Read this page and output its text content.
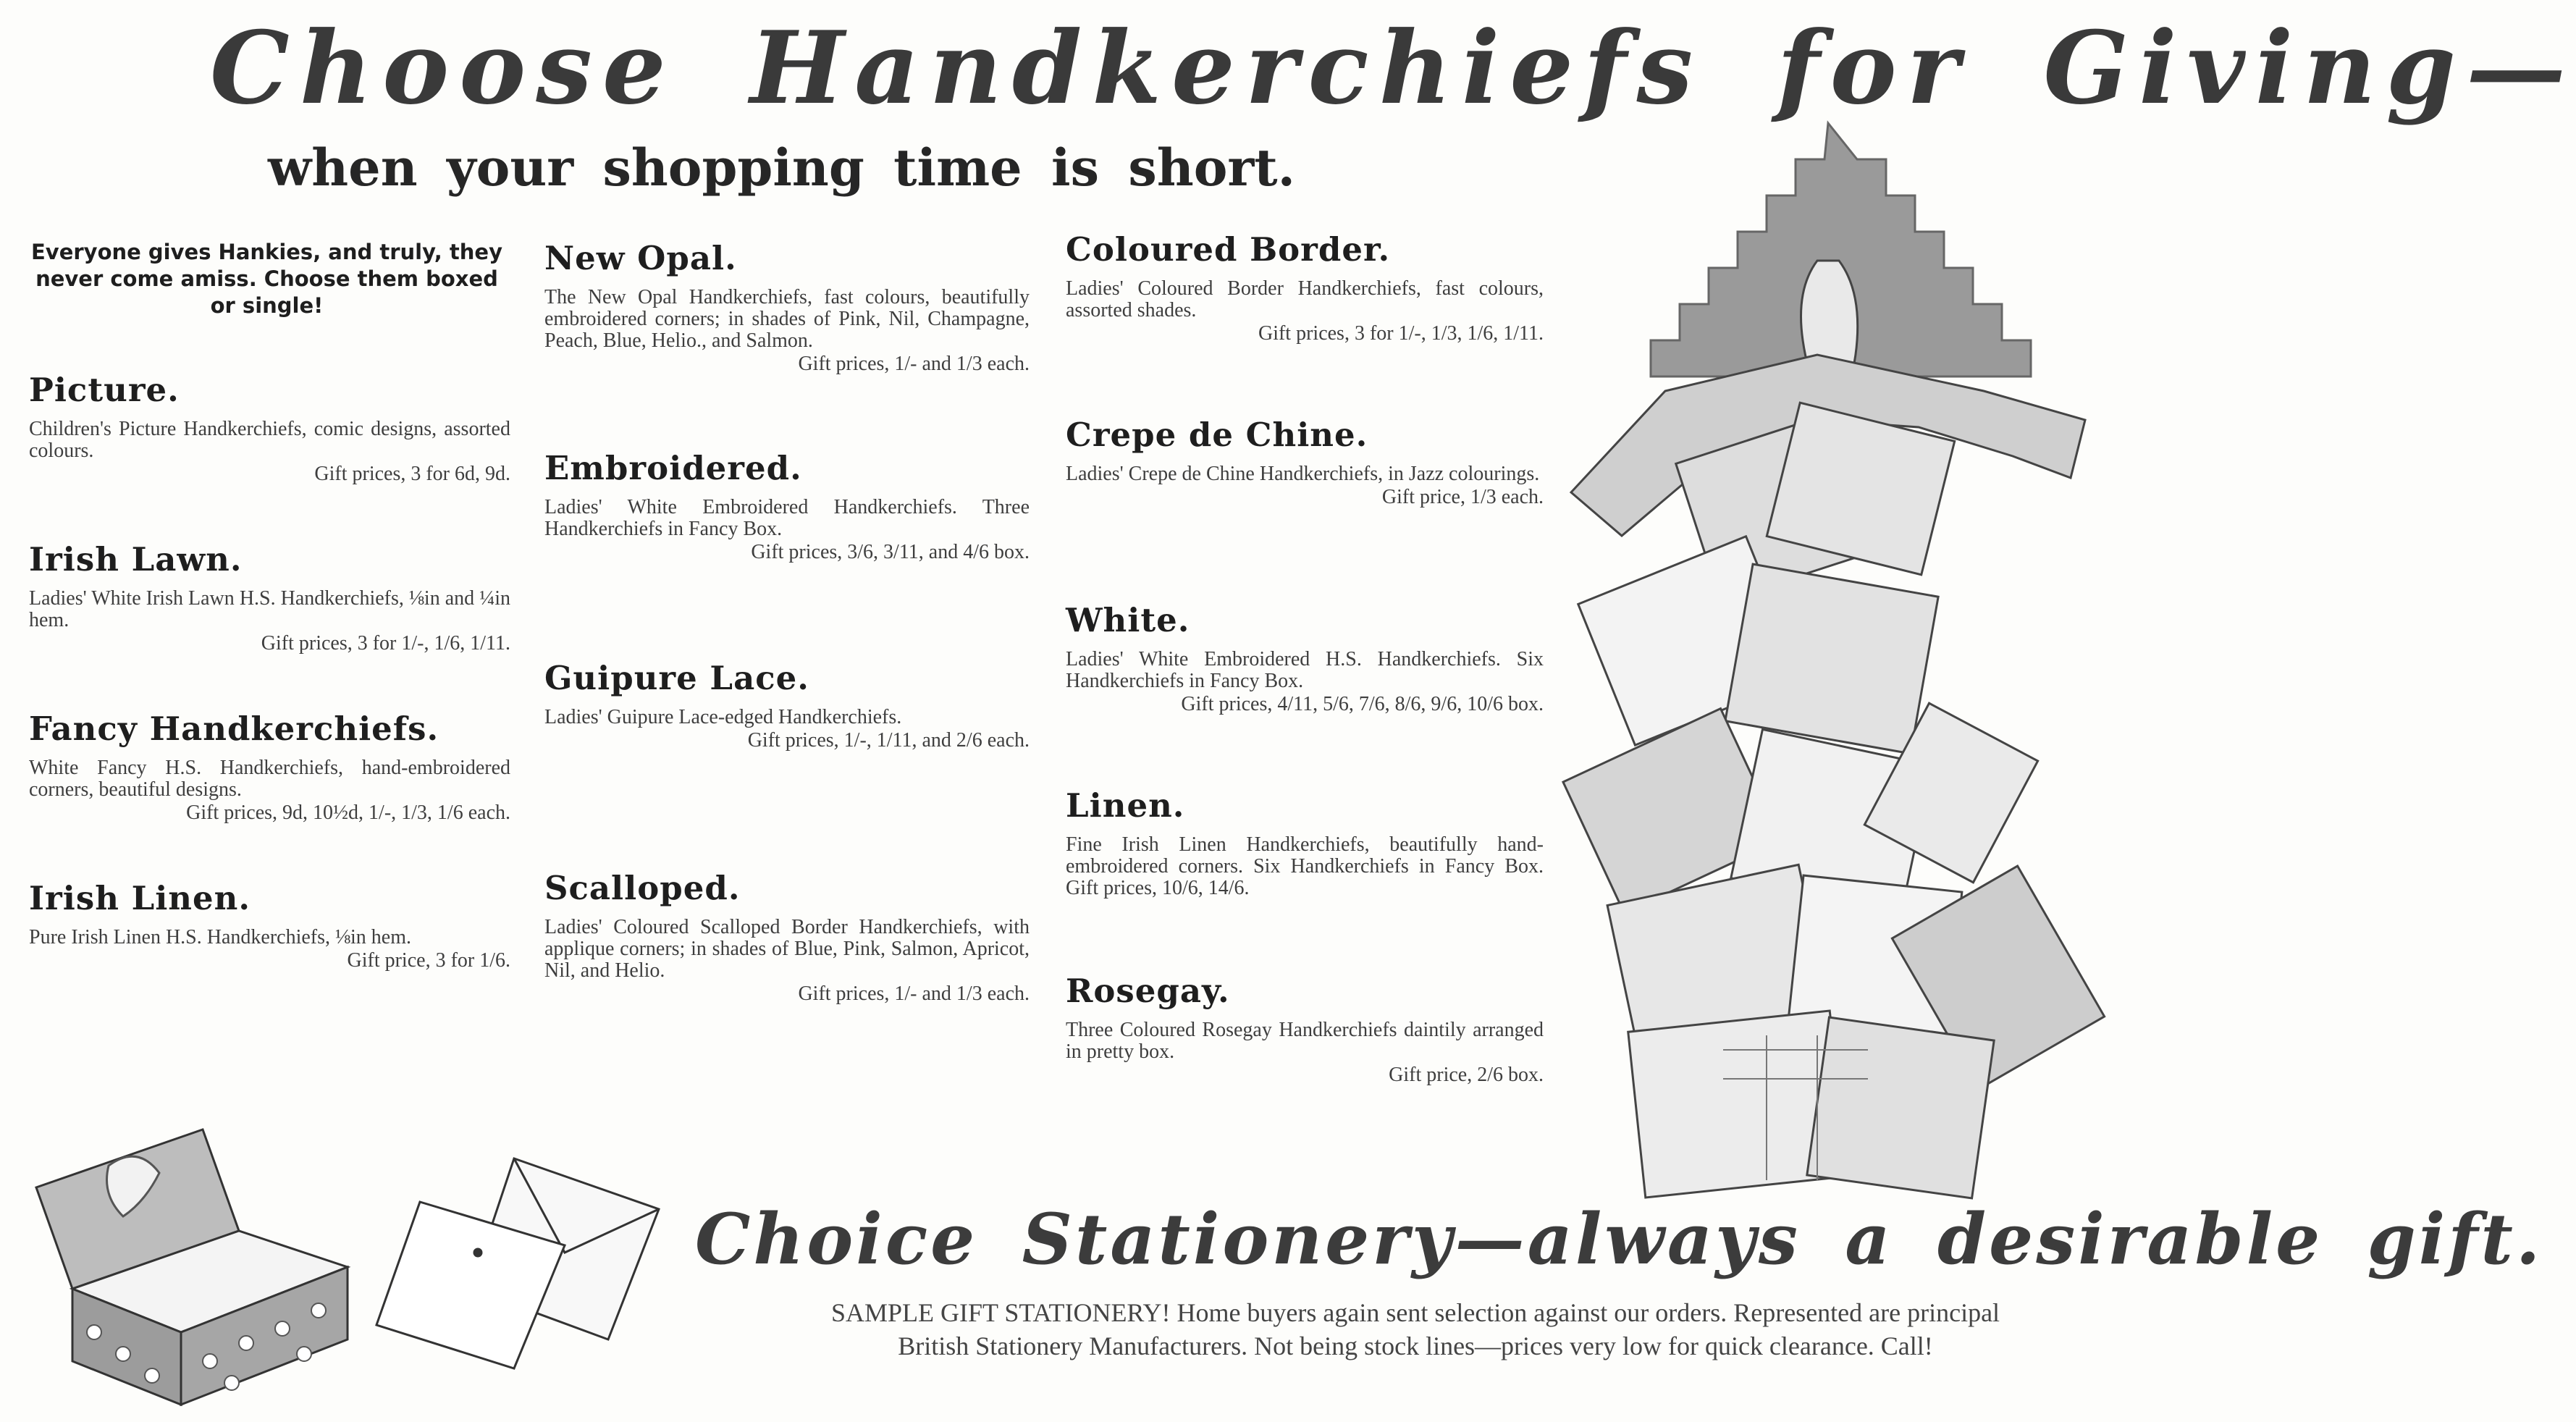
Choose Handkerchiefs for Giving—
when your shopping time is short.

Everyone gives Hankies, and truly, they never come amiss. Choose them boxed or single!

Picture.

Children's Picture Handkerchiefs, comic designs, assorted colours.

Gift prices, 3 for 6d, 9d.

Irish Lawn.

Ladies' White Irish Lawn H.S. Handkerchiefs, ⅛in and ¼in hem.

Gift prices, 3 for 1/-, 1/6, 1/11.

Fancy Handkerchiefs.

White Fancy H.S. Handkerchiefs, hand-embroidered corners, beautiful designs.

Gift prices, 9d, 10½d, 1/-, 1/3, 1/6 each.

Irish Linen.

Pure Irish Linen H.S. Handkerchiefs, ⅛in hem.

Gift price, 3 for 1/6.

New Opal.

The New Opal Handkerchiefs, fast colours, beautifully embroidered corners; in shades of Pink, Nil, Champagne, Peach, Blue, Helio., and Salmon.

Gift prices, 1/- and 1/3 each.

Embroidered.

Ladies' White Embroidered Handkerchiefs. Three Handkerchiefs in Fancy Box.

Gift prices, 3/6, 3/11, and 4/6 box.

Guipure Lace.

Ladies' Guipure Lace-edged Handkerchiefs.

Gift prices, 1/-, 1/11, and 2/6 each.

Scalloped.

Ladies' Coloured Scalloped Border Handkerchiefs, with applique corners; in shades of Blue, Pink, Salmon, Apricot, Nil, and Helio.

Gift prices, 1/- and 1/3 each.

Coloured Border.

Ladies' Coloured Border Handkerchiefs, fast colours, assorted shades.

Gift prices, 3 for 1/-, 1/3, 1/6, 1/11.

Crepe de Chine.

Ladies' Crepe de Chine Handkerchiefs, in Jazz colourings.

Gift price, 1/3 each.

White.

Ladies' White Embroidered H.S. Handkerchiefs. Six Handkerchiefs in Fancy Box.

Gift prices, 4/11, 5/6, 7/6, 8/6, 9/6, 10/6 box.

Linen.

Fine Irish Linen Handkerchiefs, beautifully hand-embroidered corners. Six Handkerchiefs in Fancy Box. Gift prices, 10/6, 14/6.

Rosegay.

Three Coloured Rosegay Handkerchiefs daintily arranged in pretty box.

Gift price, 2/6 box.

Choice Stationery—always a desirable gift.

SAMPLE GIFT STATIONERY! Home buyers again sent selection against our orders. Represented are principal British Stationery Manufacturers. Not being stock lines—prices very low for quick clearance. Call!
